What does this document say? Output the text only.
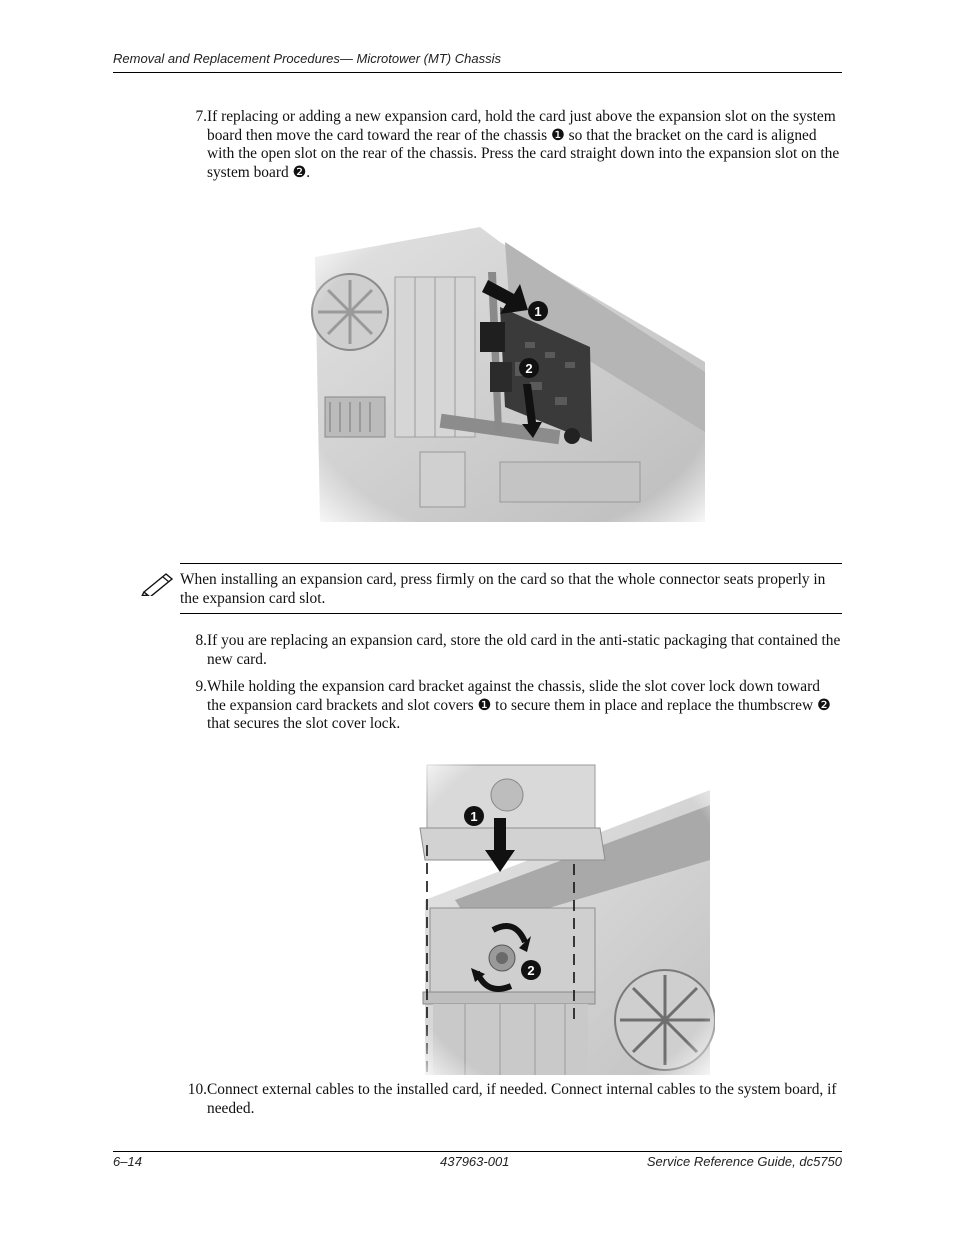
Removal and Replacement Procedures— Microtower (MT) Chassis
7. If replacing or adding a new expansion card, hold the card just above the expansion slot on the system board then move the card toward the rear of the chassis ❶ so that the bracket on the card is aligned with the open slot on the rear of the chassis. Press the card straight down into the expansion slot on the system board ❷.
When installing an expansion card, press firmly on the card so that the whole connector seats properly in the expansion card slot.
8. If you are replacing an expansion card, store the old card in the anti-static packaging that contained the new card.
9. While holding the expansion card bracket against the chassis, slide the slot cover lock down toward the expansion card brackets and slot covers ❶ to secure them in place and replace the thumbscrew ❷ that secures the slot cover lock.
10. Connect external cables to the installed card, if needed. Connect internal cables to the system board, if needed.
6–14	437963-001	Service Reference Guide, dc5750
